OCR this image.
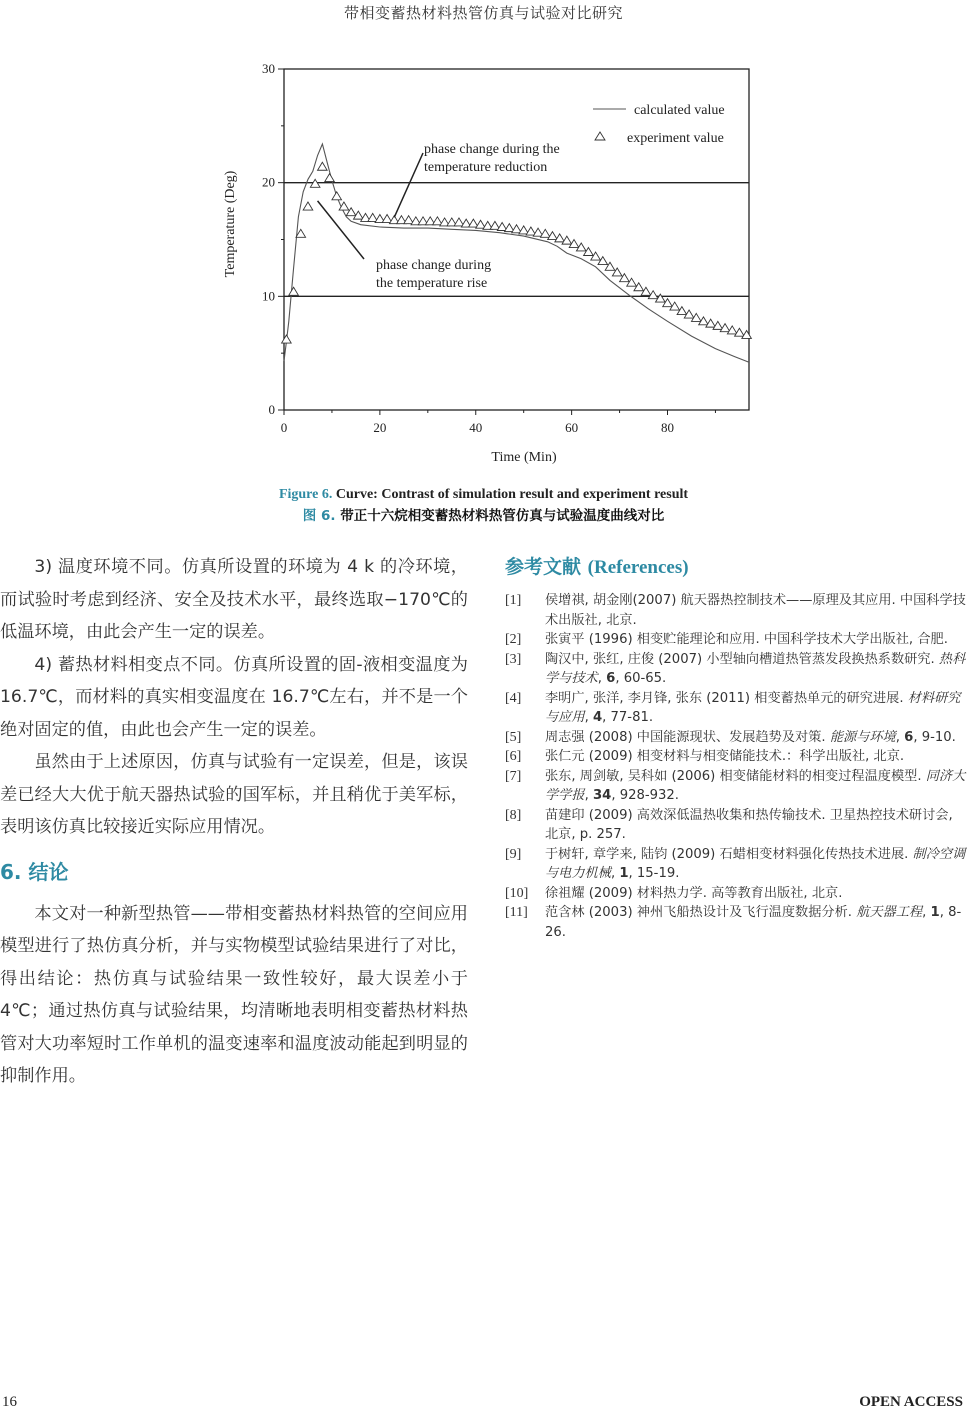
带相变蓄热材料热管仿真与试验对比研究
0	20	40	60	80
0
10
20
30
phase change during the
temperature reduction
phase change during
the temperature rise
calculated value
experiment value
Time (Min)
Temperature (Deg)
Figure 6. Curve: Contrast of simulation result and experiment result
图 6. 带正十六烷相变蓄热材料热管仿真与试验温度曲线对比

3) 温度环境不同。仿真所设置的环境为 4 k 的冷环境，而试验时考虑到经济、安全及技术水平，最终选取−170℃的低温环境，由此会产生一定的误差。

4) 蓄热材料相变点不同。仿真所设置的固-液相变温度为 16.7℃，而材料的真实相变温度在 16.7℃左右，并不是一个绝对固定的值，由此也会产生一定的误差。

虽然由于上述原因，仿真与试验有一定误差，但是，该误差已经大大优于航天器热试验的国军标，并且稍优于美军标，表明该仿真比较接近实际应用情况。

6. 结论

本文对一种新型热管——带相变蓄热材料热管的空间应用模型进行了热仿真分析，并与实物模型试验结果进行了对比，得出结论：热仿真与试验结果一致性较好，最大误差小于 4℃；通过热仿真与试验结果，均清晰地表明相变蓄热材料热管对大功率短时工作单机的温变速率和温度波动能起到明显的抑制作用。

参考文献 (References)
[1]	侯增祺, 胡金刚(2007) 航天器热控制技术——原理及其应用. 中国科学技术出版社, 北京.
[2]	张寅平 (1996) 相变贮能理论和应用. 中国科学技术大学出版社, 合肥.
[3]	陶汉中, 张红, 庄俊 (2007) 小型轴向槽道热管蒸发段换热系数研究. 热科学与技术, 6, 60-65.
[4]	李明广, 张洋, 李月锋, 张东 (2011) 相变蓄热单元的研究进展. 材料研究与应用, 4, 77-81.
[5]	周志强 (2008) 中国能源现状、发展趋势及对策. 能源与环境, 6, 9-10.
[6]	张仁元 (2009) 相变材料与相变储能技术.：科学出版社, 北京.
[7]	张东, 周剑敏, 吴科如 (2006) 相变储能材料的相变过程温度模型. 同济大学学报, 34, 928-932.
[8]	苗建印 (2009) 高效深低温热收集和热传输技术. 卫星热控技术研讨会, 北京, p. 257.
[9]	于树轩, 章学来, 陆钧 (2009) 石蜡相变材料强化传热技术进展. 制冷空调与电力机械, 1, 15-19.
[10]	徐祖耀 (2009) 材料热力学. 高等教育出版社, 北京.
[11]	范含林 (2003) 神州飞船热设计及飞行温度数据分析. 航天器工程, 1, 8-26.
16	OPEN ACCESS
